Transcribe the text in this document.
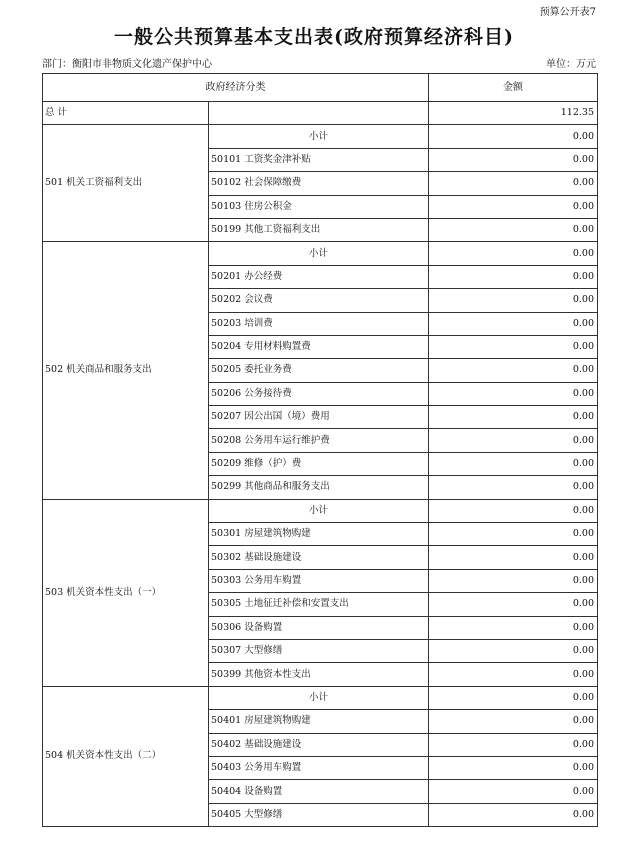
预算公开表7
一般公共预算基本支出表(政府预算经济科目)
部门：衡阳市非物质文化遗产保护中心	单位：万元
政府经济分类		金额
总 计		112.35
501 机关工资福利支出	小计	0.00
	50101 工资奖金津补贴	0.00
	50102 社会保障缴费	0.00
	50103 住房公积金	0.00
	50199 其他工资福利支出	0.00
502 机关商品和服务支出	小计	0.00
	50201 办公经费	0.00
	50202 会议费	0.00
	50203 培训费	0.00
	50204 专用材料购置费	0.00
	50205 委托业务费	0.00
	50206 公务接待费	0.00
	50207 因公出国（境）费用	0.00
	50208 公务用车运行维护费	0.00
	50209 维修（护）费	0.00
	50299 其他商品和服务支出	0.00
503 机关资本性支出（一）	小计	0.00
	50301 房屋建筑物购建	0.00
	50302 基础设施建设	0.00
	50303 公务用车购置	0.00
	50305 土地征迁补偿和安置支出	0.00
	50306 设备购置	0.00
	50307 大型修缮	0.00
	50399 其他资本性支出	0.00
504 机关资本性支出（二）	小计	0.00
	50401 房屋建筑物购建	0.00
	50402 基础设施建设	0.00
	50403 公务用车购置	0.00
	50404 设备购置	0.00
	50405 大型修缮	0.00
